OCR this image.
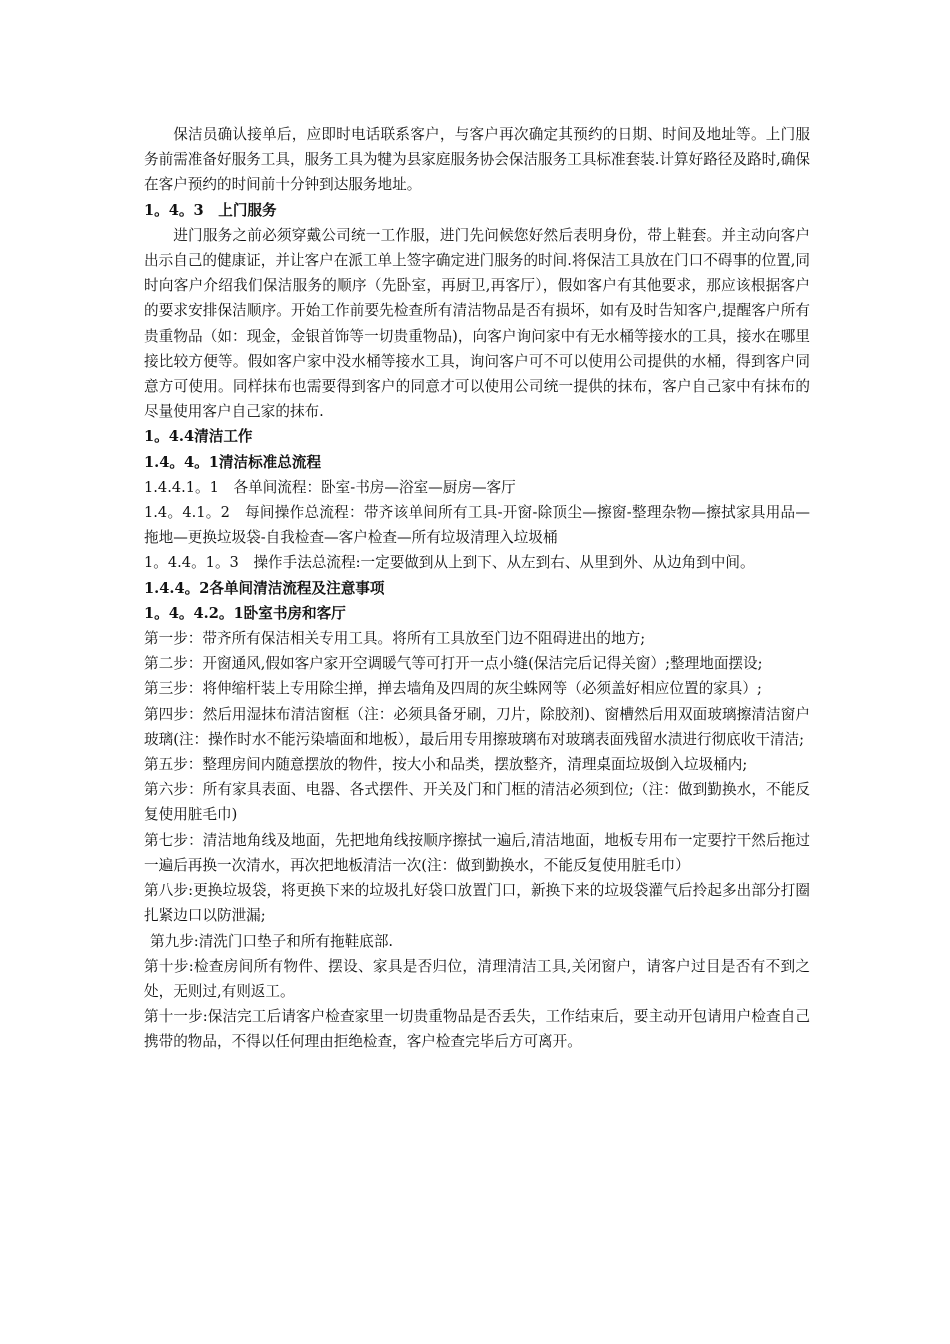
保洁员确认接单后，应即时电话联系客户，与客户再次确定其预约的日期、时间及地址等。上门服务前需准备好服务工具，服务工具为犍为县家庭服务协会保洁服务工具标准套装.计算好路径及路时,确保在客户预约的时间前十分钟到达服务地址。

1。4。3　上门服务

进门服务之前必须穿戴公司统一工作服，进门先问候您好然后表明身份，带上鞋套。并主动向客户出示自己的健康证，并让客户在派工单上签字确定进门服务的时间.将保洁工具放在门口不碍事的位置,同时向客户介绍我们保洁服务的顺序（先卧室，再厨卫,再客厅），假如客户有其他要求，那应该根据客户的要求安排保洁顺序。开始工作前要先检查所有清洁物品是否有损坏，如有及时告知客户,提醒客户所有贵重物品（如：现金，金银首饰等一切贵重物品)，向客户询问家中有无水桶等接水的工具，接水在哪里接比较方便等。假如客户家中没水桶等接水工具，询问客户可不可以使用公司提供的水桶，得到客户同意方可使用。同样抹布也需要得到客户的同意才可以使用公司统一提供的抹布，客户自己家中有抹布的尽量使用客户自己家的抹布.

1。4.4清洁工作

1.4。4。1清洁标准总流程

1.4.4.1。1　各单间流程：卧室-书房—浴室—厨房—客厅

1.4。4.1。2　每间操作总流程：带齐该单间所有工具-开窗-除顶尘—擦窗-整理杂物—擦拭家具用品—拖地—更换垃圾袋-自我检查—客户检查—所有垃圾清理入垃圾桶

1。4.4。1。3　操作手法总流程:一定要做到从上到下、从左到右、从里到外、从边角到中间。

1.4.4。2各单间清洁流程及注意事项

1。4。4.2。1卧室书房和客厅

第一步：带齐所有保洁相关专用工具。将所有工具放至门边不阻碍进出的地方;

第二步：开窗通风,假如客户家开空调暖气等可打开一点小缝(保洁完后记得关窗）;整理地面摆设;

第三步：将伸缩杆装上专用除尘掸，掸去墙角及四周的灰尘蛛网等（必须盖好相应位置的家具）;

第四步：然后用湿抹布清洁窗框（注：必须具备牙刷，刀片，除胶剂)、窗槽然后用双面玻璃擦清洁窗户玻璃(注：操作时水不能污染墙面和地板），最后用专用擦玻璃布对玻璃表面残留水渍进行彻底收干清洁;

第五步：整理房间内随意摆放的物件，按大小和品类，摆放整齐，清理桌面垃圾倒入垃圾桶内;

第六步：所有家具表面、电器、各式摆件、开关及门和门框的清洁必须到位;（注：做到勤换水，不能反复使用脏毛巾)

第七步：清洁地角线及地面，先把地角线按顺序擦拭一遍后,清洁地面，地板专用布一定要拧干然后拖过一遍后再换一次清水，再次把地板清洁一次(注：做到勤换水，不能反复使用脏毛巾）

第八步:更换垃圾袋，将更换下来的垃圾扎好袋口放置门口，新换下来的垃圾袋灌气后拎起多出部分打圈扎紧边口以防泄漏;

第九步:清洗门口垫子和所有拖鞋底部.

第十步:检查房间所有物件、摆设、家具是否归位，清理清洁工具,关闭窗户，请客户过目是否有不到之处，无则过,有则返工。

第十一步:保洁完工后请客户检查家里一切贵重物品是否丢失，工作结束后，要主动开包请用户检查自己携带的物品，不得以任何理由拒绝检查，客户检查完毕后方可离开。
